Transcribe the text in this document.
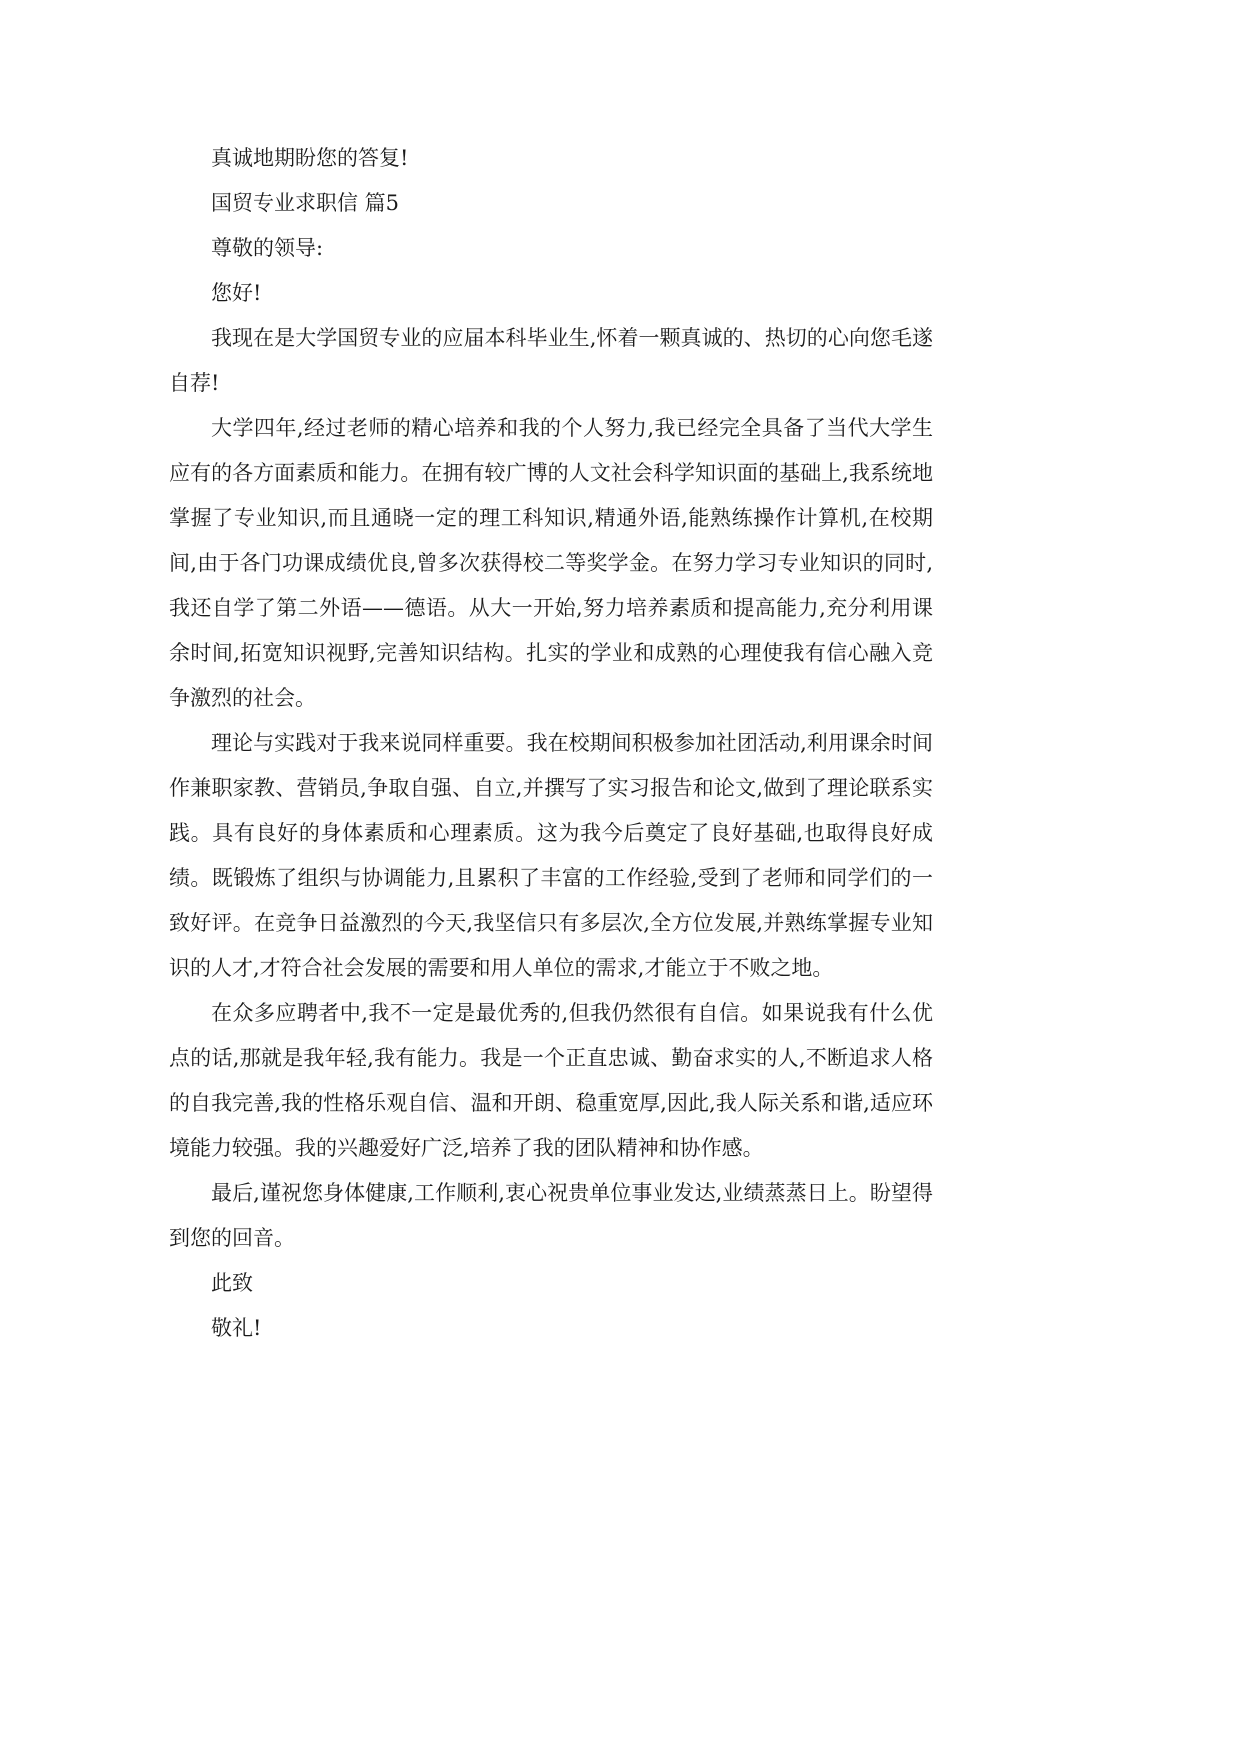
真诚地期盼您的答复!

国贸专业求职信 篇5

尊敬的领导:

您好!

我现在是大学国贸专业的应届本科毕业生,怀着一颗真诚的、热切的心向您毛遂自荐!

大学四年,经过老师的精心培养和我的个人努力,我已经完全具备了当代大学生应有的各方面素质和能力。在拥有较广博的人文社会科学知识面的基础上,我系统地掌握了专业知识,而且通晓一定的理工科知识,精通外语,能熟练操作计算机,在校期间,由于各门功课成绩优良,曾多次获得校二等奖学金。在努力学习专业知识的同时,我还自学了第二外语——德语。从大一开始,努力培养素质和提高能力,充分利用课余时间,拓宽知识视野,完善知识结构。扎实的学业和成熟的心理使我有信心融入竞争激烈的社会。

理论与实践对于我来说同样重要。我在校期间积极参加社团活动,利用课余时间作兼职家教、营销员,争取自强、自立,并撰写了实习报告和论文,做到了理论联系实践。具有良好的身体素质和心理素质。这为我今后奠定了良好基础,也取得良好成绩。既锻炼了组织与协调能力,且累积了丰富的工作经验,受到了老师和同学们的一致好评。在竞争日益激烈的今天,我坚信只有多层次,全方位发展,并熟练掌握专业知识的人才,才符合社会发展的需要和用人单位的需求,才能立于不败之地。

在众多应聘者中,我不一定是最优秀的,但我仍然很有自信。如果说我有什么优点的话,那就是我年轻,我有能力。我是一个正直忠诚、勤奋求实的人,不断追求人格的自我完善,我的性格乐观自信、温和开朗、稳重宽厚,因此,我人际关系和谐,适应环境能力较强。我的兴趣爱好广泛,培养了我的团队精神和协作感。

最后,谨祝您身体健康,工作顺利,衷心祝贵单位事业发达,业绩蒸蒸日上。盼望得到您的回音。

此致

敬礼!
